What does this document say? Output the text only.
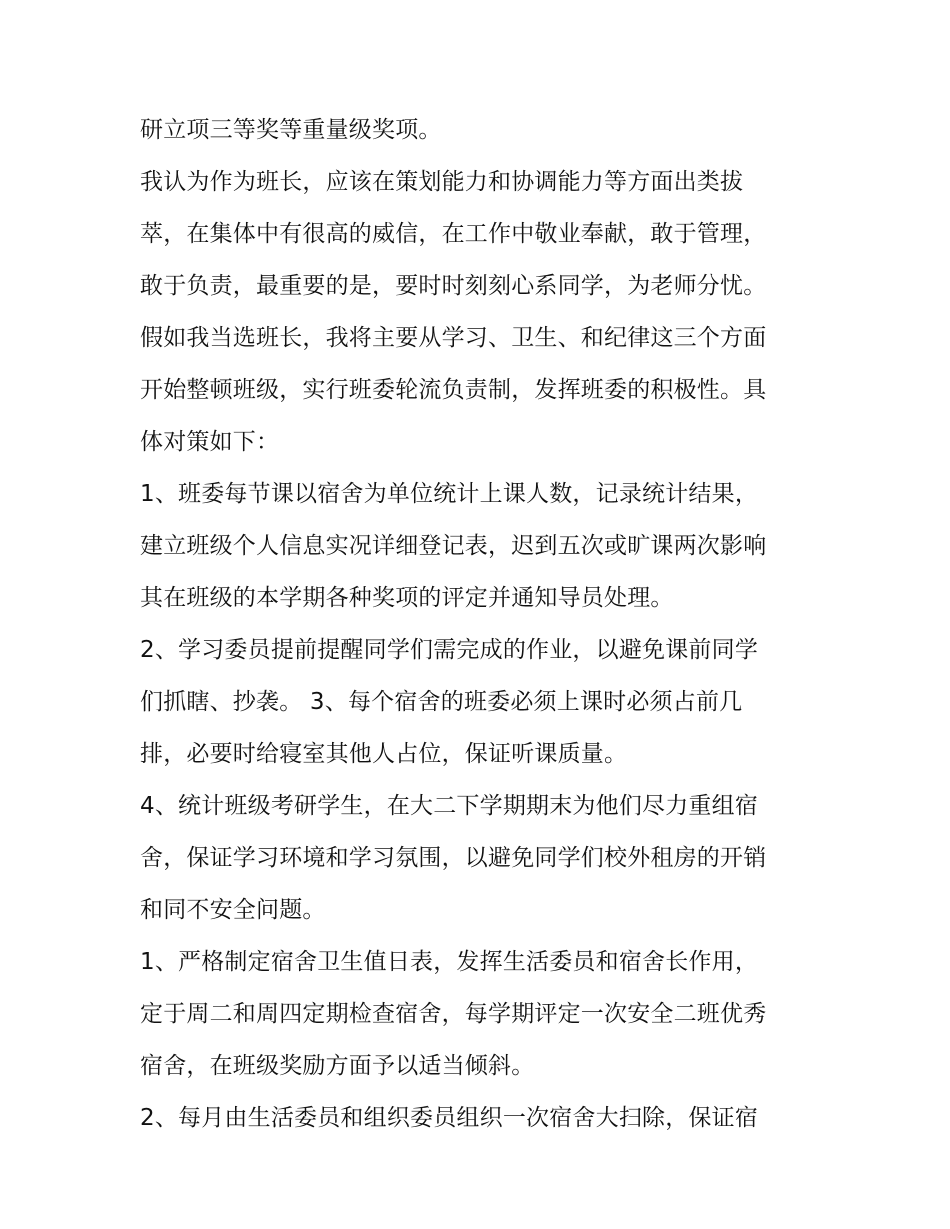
研立项三等奖等重量级奖项。
我认为作为班长，应该在策划能力和协调能力等方面出类拔
萃，在集体中有很高的威信，在工作中敬业奉献，敢于管理，
敢于负责，最重要的是，要时时刻刻心系同学，为老师分忧。
假如我当选班长，我将主要从学习、卫生、和纪律这三个方面
开始整顿班级，实行班委轮流负责制，发挥班委的积极性。具
体对策如下：
1、班委每节课以宿舍为单位统计上课人数，记录统计结果，
建立班级个人信息实况详细登记表，迟到五次或旷课两次影响
其在班级的本学期各种奖项的评定并通知导员处理。
2、学习委员提前提醒同学们需完成的作业，以避免课前同学
们抓瞎、抄袭。 3、每个宿舍的班委必须上课时必须占前几
排，必要时给寝室其他人占位，保证听课质量。
4、统计班级考研学生，在大二下学期期末为他们尽力重组宿
舍，保证学习环境和学习氛围，以避免同学们校外租房的开销
和同不安全问题。
1、严格制定宿舍卫生值日表，发挥生活委员和宿舍长作用，
定于周二和周四定期检查宿舍，每学期评定一次安全二班优秀
宿舍，在班级奖励方面予以适当倾斜。
2、每月由生活委员和组织委员组织一次宿舍大扫除，保证宿
